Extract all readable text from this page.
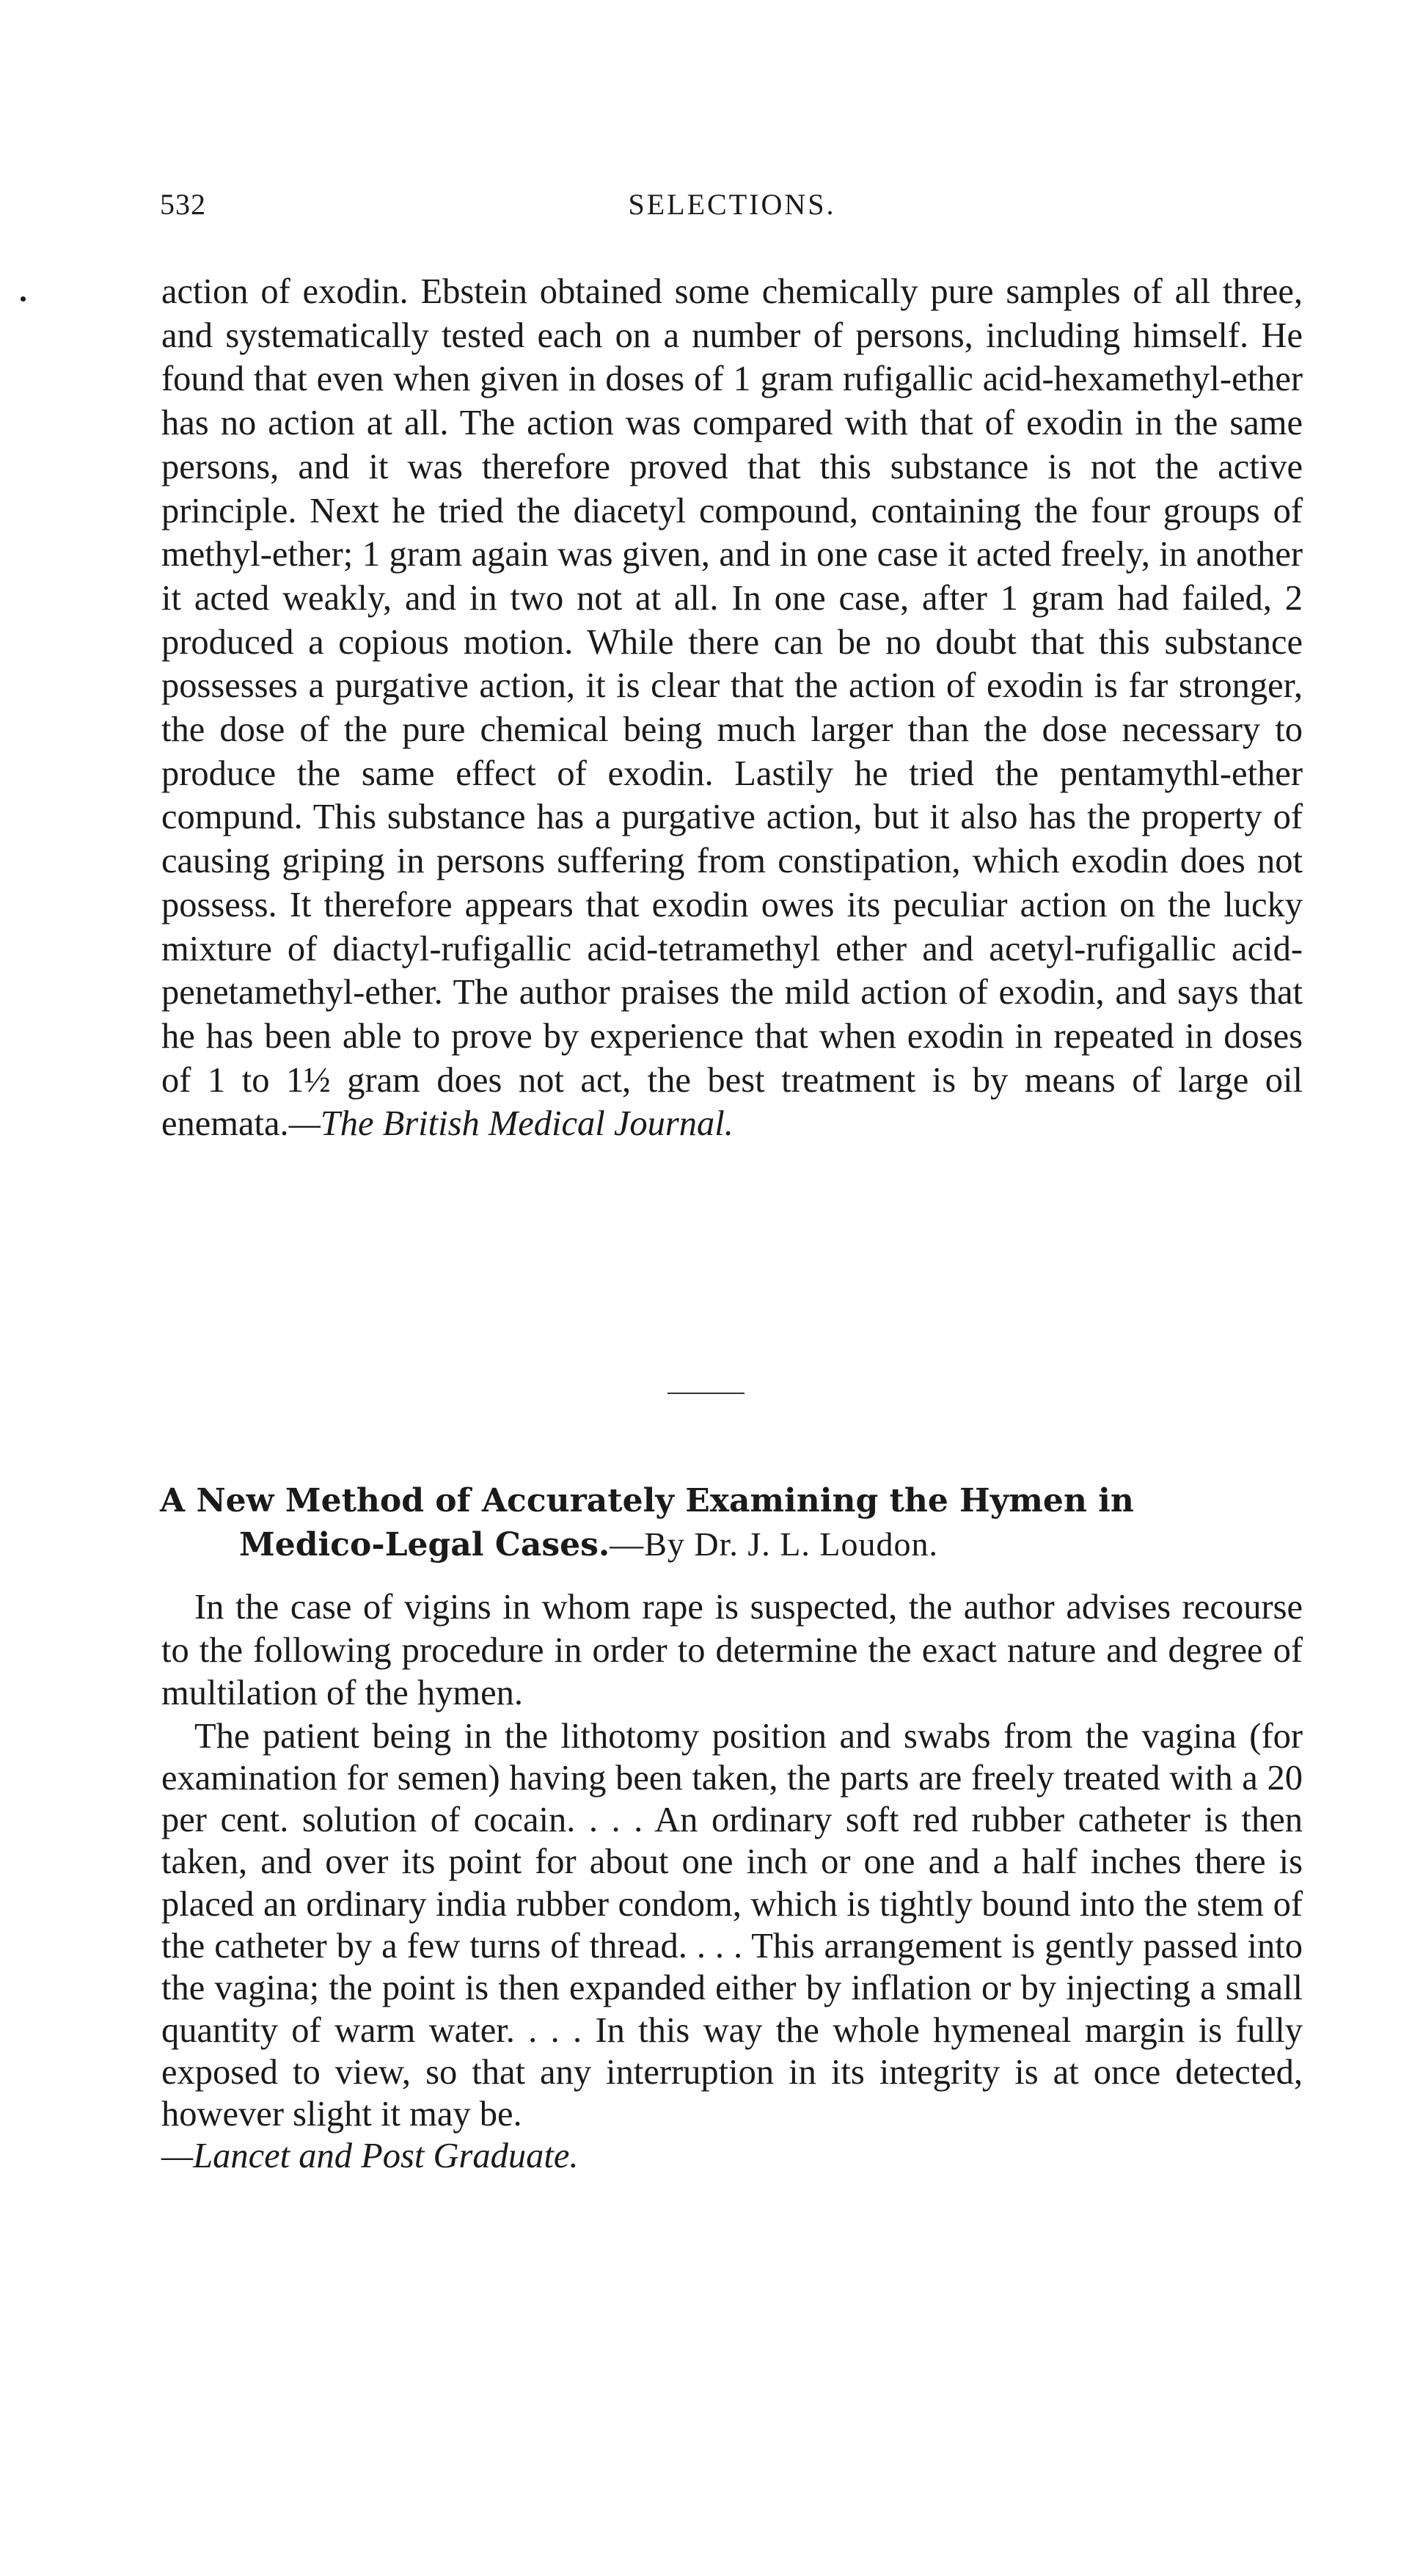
532	SELECTIONS.

action of exodin. Ebstein obtained some chemically pure samples of all three, and systematically tested each on a number of persons, including himself. He found that even when given in doses of 1 gram rufigallic acid-hexamethyl-ether has no action at all. The action was compared with that of exodin in the same persons, and it was therefore proved that this substance is not the active principle. Next he tried the diacetyl compound, containing the four groups of methyl-ether; 1 gram again was given, and in one case it acted freely, in another it acted weakly, and in two not at all. In one case, after 1 gram had failed, 2 produced a copious motion. While there can be no doubt that this substance possesses a purgative action, it is clear that the action of exodin is far stronger, the dose of the pure chemical being much larger than the dose necessary to produce the same effect of exodin. Lastily he tried the pentamythl-ether compund. This substance has a purgative action, but it also has the property of causing griping in persons suffering from constipation, which exodin does not possess. It therefore appears that exodin owes its peculiar action on the lucky mixture of diactyl-rufigallic acid-tetramethyl ether and acetyl-rufigallic acid-penetamethyl-ether. The author praises the mild action of exodin, and says that he has been able to prove by experience that when exodin in repeated in doses of 1 to 1½ gram does not act, the best treatment is by means of large oil enemata.—The British Medical Journal.

A New Method of Accurately Examining the Hymen in
Medico-Legal Cases.—By Dr. J. L. Loudon.

In the case of vigins in whom rape is suspected, the author advises recourse to the following procedure in order to determine the exact nature and degree of multilation of the hymen.

The patient being in the lithotomy position and swabs from the vagina (for examination for semen) having been taken, the parts are freely treated with a 20 per cent. solution of cocain. . . . An ordinary soft red rubber catheter is then taken, and over its point for about one inch or one and a half inches there is placed an ordinary india rubber condom, which is tightly bound into the stem of the catheter by a few turns of thread. . . . This arrangement is gently passed into the vagina; the point is then expanded either by inflation or by injecting a small quantity of warm water. . . . In this way the whole hymeneal margin is fully exposed to view, so that any interruption in its integrity is at once detected, however slight it may be.
—Lancet and Post Graduate.
